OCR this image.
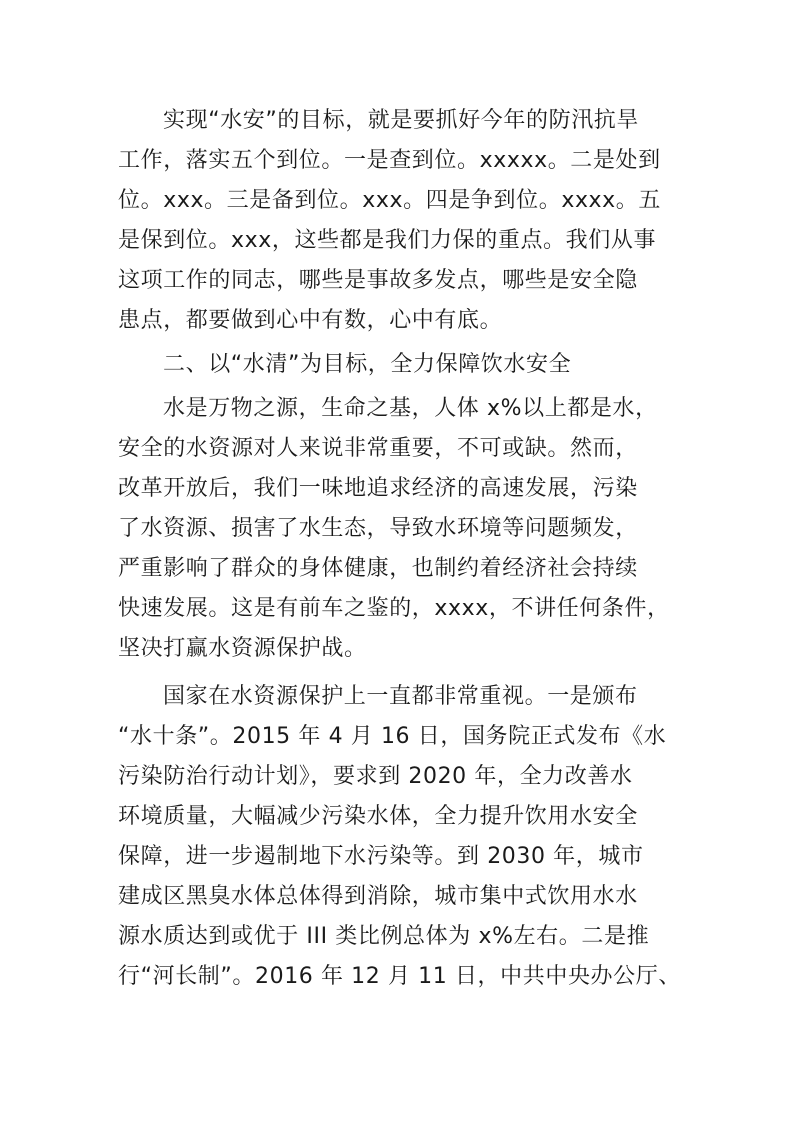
实现“水安”的目标，就是要抓好今年的防汛抗旱
工作，落实五个到位。一是查到位。xxxxx。二是处到
位。xxx。三是备到位。xxx。四是争到位。xxxx。五
是保到位。xxx，这些都是我们力保的重点。我们从事
这项工作的同志，哪些是事故多发点，哪些是安全隐
患点，都要做到心中有数，心中有底。
二、以“水清”为目标，全力保障饮水安全
水是万物之源，生命之基，人体 x%以上都是水，
安全的水资源对人来说非常重要，不可或缺。然而，
改革开放后，我们一味地追求经济的高速发展，污染
了水资源、损害了水生态，导致水环境等问题频发，
严重影响了群众的身体健康，也制约着经济社会持续
快速发展。这是有前车之鉴的，xxxx，不讲任何条件，
坚决打赢水资源保护战。
国家在水资源保护上一直都非常重视。一是颁布
“水十条”。2015 年 4 月 16 日，国务院正式发布《水
污染防治行动计划》，要求到 2020 年，全力改善水
环境质量，大幅减少污染水体，全力提升饮用水安全
保障，进一步遏制地下水污染等。到 2030 年，城市
建成区黑臭水体总体得到消除，城市集中式饮用水水
源水质达到或优于 III 类比例总体为 x%左右。二是推
行“河长制”。2016 年 12 月 11 日，中共中央办公厅、
